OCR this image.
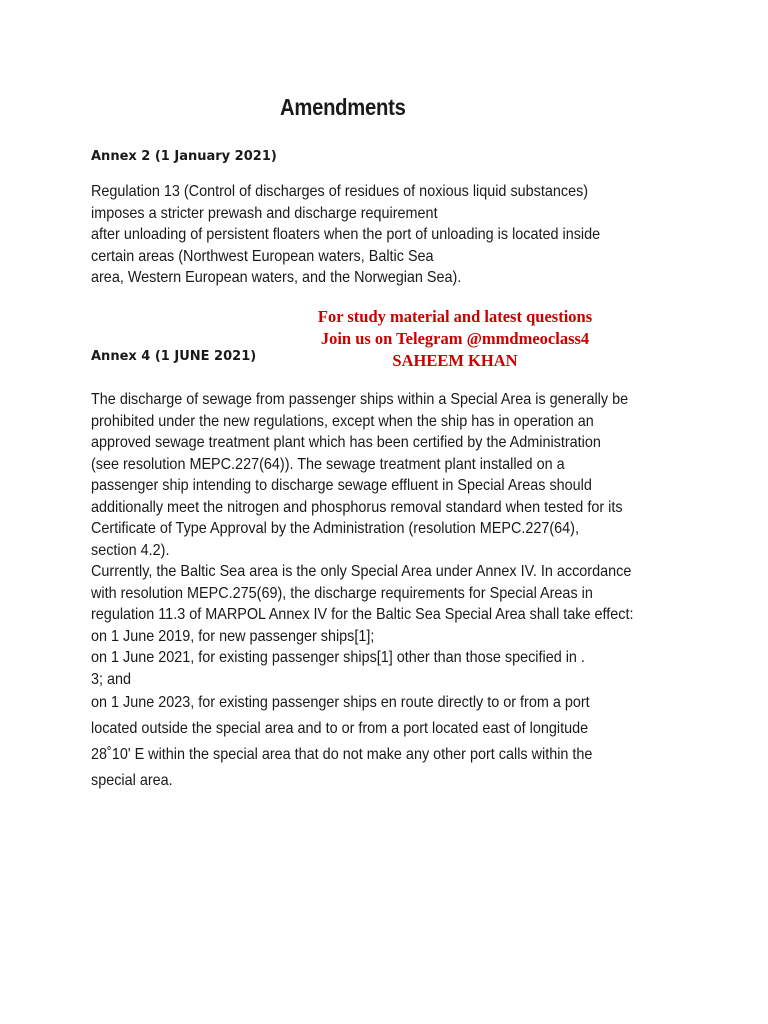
Amendments
Annex 2 (1 January 2021)

Regulation 13 (Control of discharges of residues of noxious liquid substances)
imposes a stricter prewash and discharge requirement
after unloading of persistent floaters when the port of unloading is located inside
certain areas (Northwest European waters, Baltic Sea
area, Western European waters, and the Norwegian Sea).

For study material and latest questions
Join us on Telegram @mmdmeoclass4
SAHEEM KHAN
Annex 4 (1 JUNE 2021)

The discharge of sewage from passenger ships within a Special Area is generally be
prohibited under the new regulations, except when the ship has in operation an
approved sewage treatment plant which has been certified by the Administration
(see resolution MEPC.227(64)). The sewage treatment plant installed on a
passenger ship intending to discharge sewage effluent in Special Areas should
additionally meet the nitrogen and phosphorus removal standard when tested for its
Certificate of Type Approval by the Administration (resolution MEPC.227(64),
section 4.2).
Currently, the Baltic Sea area is the only Special Area under Annex IV. In accordance
with resolution MEPC.275(69), the discharge requirements for Special Areas in
regulation 11.3 of MARPOL Annex IV for the Baltic Sea Special Area shall take effect:
on 1 June 2019, for new passenger ships[1];
on 1 June 2021, for existing passenger ships[1] other than those specified in .
3; and
on 1 June 2023, for existing passenger ships en route directly to or from a port
located outside the special area and to or from a port located east of longitude
28˚10' E within the special area that do not make any other port calls within the
special area.
